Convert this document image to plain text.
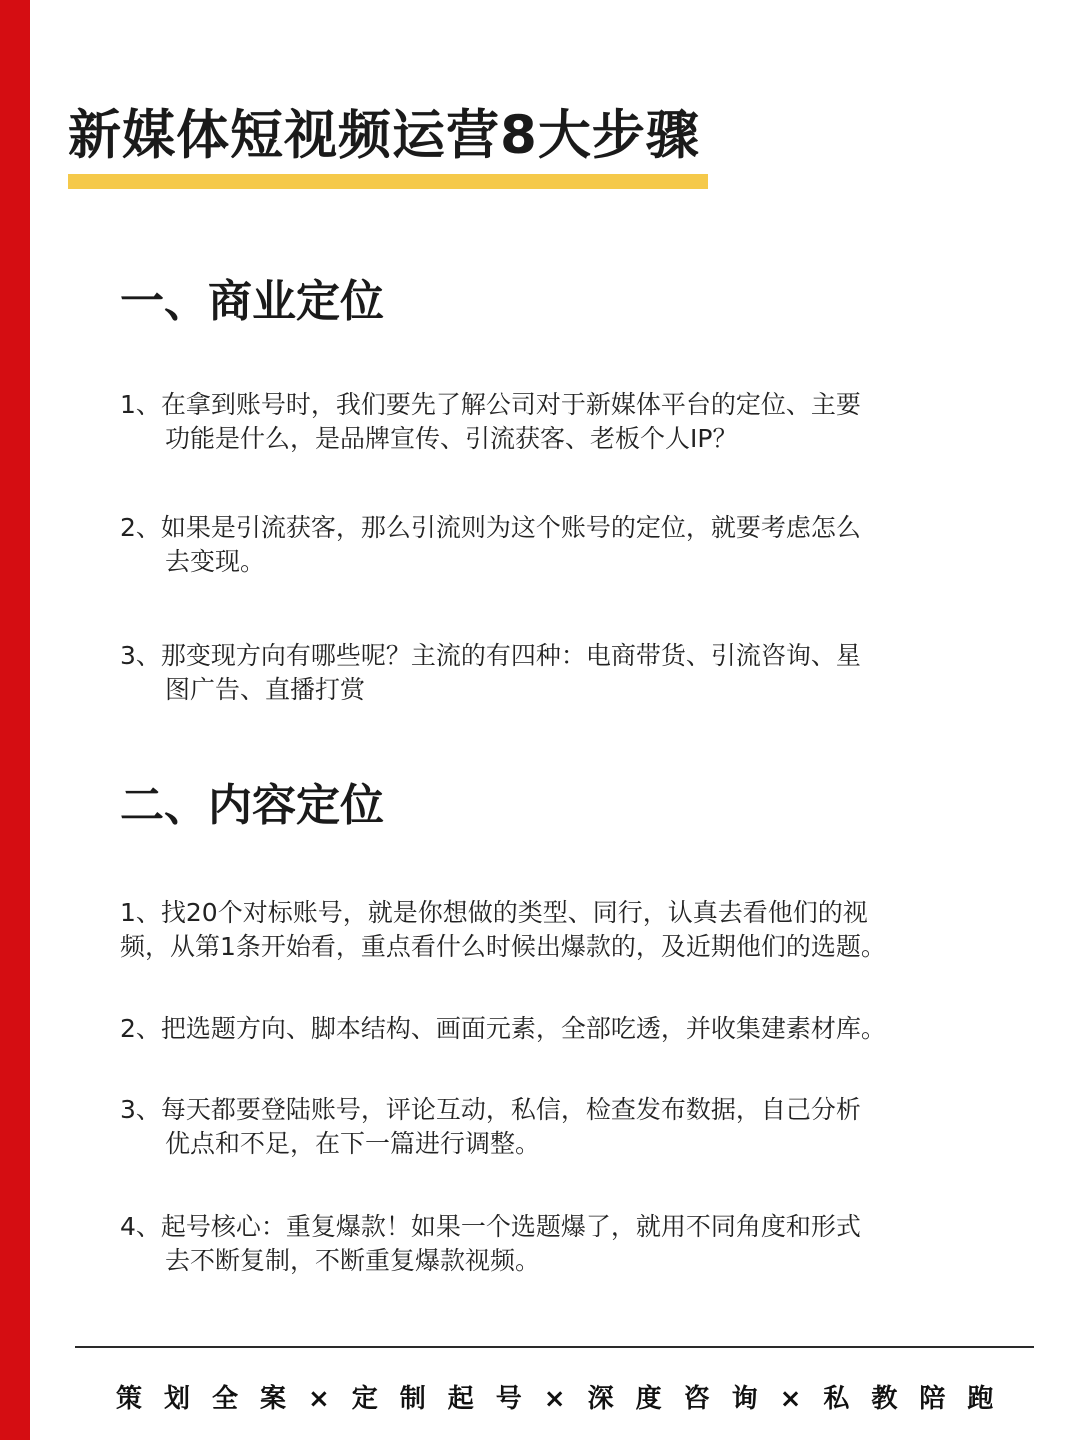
新媒体短视频运营8大步骤
一、商业定位

1、在拿到账号时，我们要先了解公司对于新媒体平台的定位、主要
功能是什么，是品牌宣传、引流获客、老板个人IP？

2、如果是引流获客，那么引流则为这个账号的定位，就要考虑怎么
去变现。

3、那变现方向有哪些呢？主流的有四种：电商带货、引流咨询、星
图广告、直播打赏

二、内容定位

1、找20个对标账号，就是你想做的类型、同行，认真去看他们的视
频，从第1条开始看，重点看什么时候出爆款的，及近期他们的选题。

2、把选题方向、脚本结构、画面元素，全部吃透，并收集建素材库。

3、每天都要登陆账号，评论互动，私信，检查发布数据，自己分析
优点和不足，在下一篇进行调整。

4、起号核心：重复爆款！如果一个选题爆了，就用不同角度和形式
去不断复制，不断重复爆款视频。

策划全案×定制起号×深度咨询×私教陪跑
